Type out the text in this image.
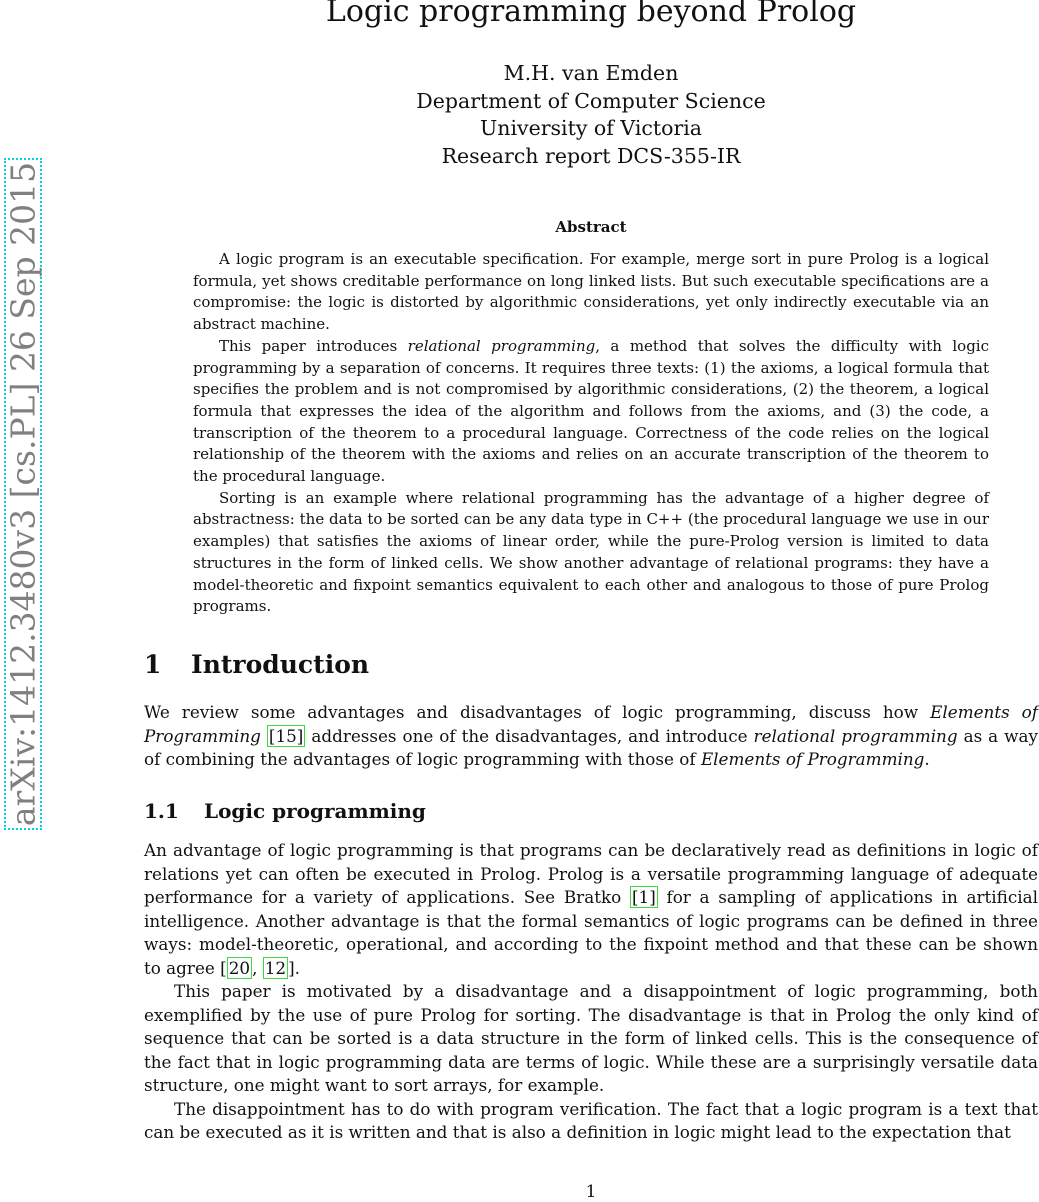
arXiv:1412.3480v3 [cs.PL] 26 Sep 2015
Logic programming beyond Prolog
M.H. van Emden
Department of Computer Science
University of Victoria
Research report DCS-355-IR
Abstract

A logic program is an executable specification. For example, merge sort in pure Prolog is a logical formula, yet shows creditable performance on long linked lists. But such executable specifications are a compromise: the logic is distorted by algorithmic considerations, yet only indirectly executable via an abstract machine.

This paper introduces relational programming, a method that solves the difficulty with logic programming by a separation of concerns. It requires three texts: (1) the axioms, a logical formula that specifies the problem and is not compromised by algorithmic considerations, (2) the theorem, a logical formula that expresses the idea of the algorithm and follows from the axioms, and (3) the code, a transcription of the theorem to a procedural language. Correctness of the code relies on the logical relationship of the theorem with the axioms and relies on an accurate transcription of the theorem to the procedural language.

Sorting is an example where relational programming has the advantage of a higher degree of abstractness: the data to be sorted can be any data type in C++ (the procedural language we use in our examples) that satisfies the axioms of linear order, while the pure-Prolog version is limited to data structures in the form of linked cells. We show another advantage of relational programs: they have a model-theoretic and fixpoint semantics equivalent to each other and analogous to those of pure Prolog programs.

1 Introduction

We review some advantages and disadvantages of logic programming, discuss how Elements of Programming [15] addresses one of the disadvantages, and introduce relational programming as a way of combining the advantages of logic programming with those of Elements of Programming.

1.1 Logic programming

An advantage of logic programming is that programs can be declaratively read as definitions in logic of relations yet can often be executed in Prolog. Prolog is a versatile programming language of adequate performance for a variety of applications. See Bratko [1] for a sampling of applications in artificial intelligence. Another advantage is that the formal semantics of logic programs can be defined in three ways: model-theoretic, operational, and according to the fixpoint method and that these can be shown to agree [ 20 , 12 ].

This paper is motivated by a disadvantage and a disappointment of logic programming, both exemplified by the use of pure Prolog for sorting. The disadvantage is that in Prolog the only kind of sequence that can be sorted is a data structure in the form of linked cells. This is the consequence of the fact that in logic programming data are terms of logic. While these are a surprisingly versatile data structure, one might want to sort arrays, for example.

The disappointment has to do with program verification. The fact that a logic program is a text that can be executed as it is written and that is also a definition in logic might lead to the expectation that

1
